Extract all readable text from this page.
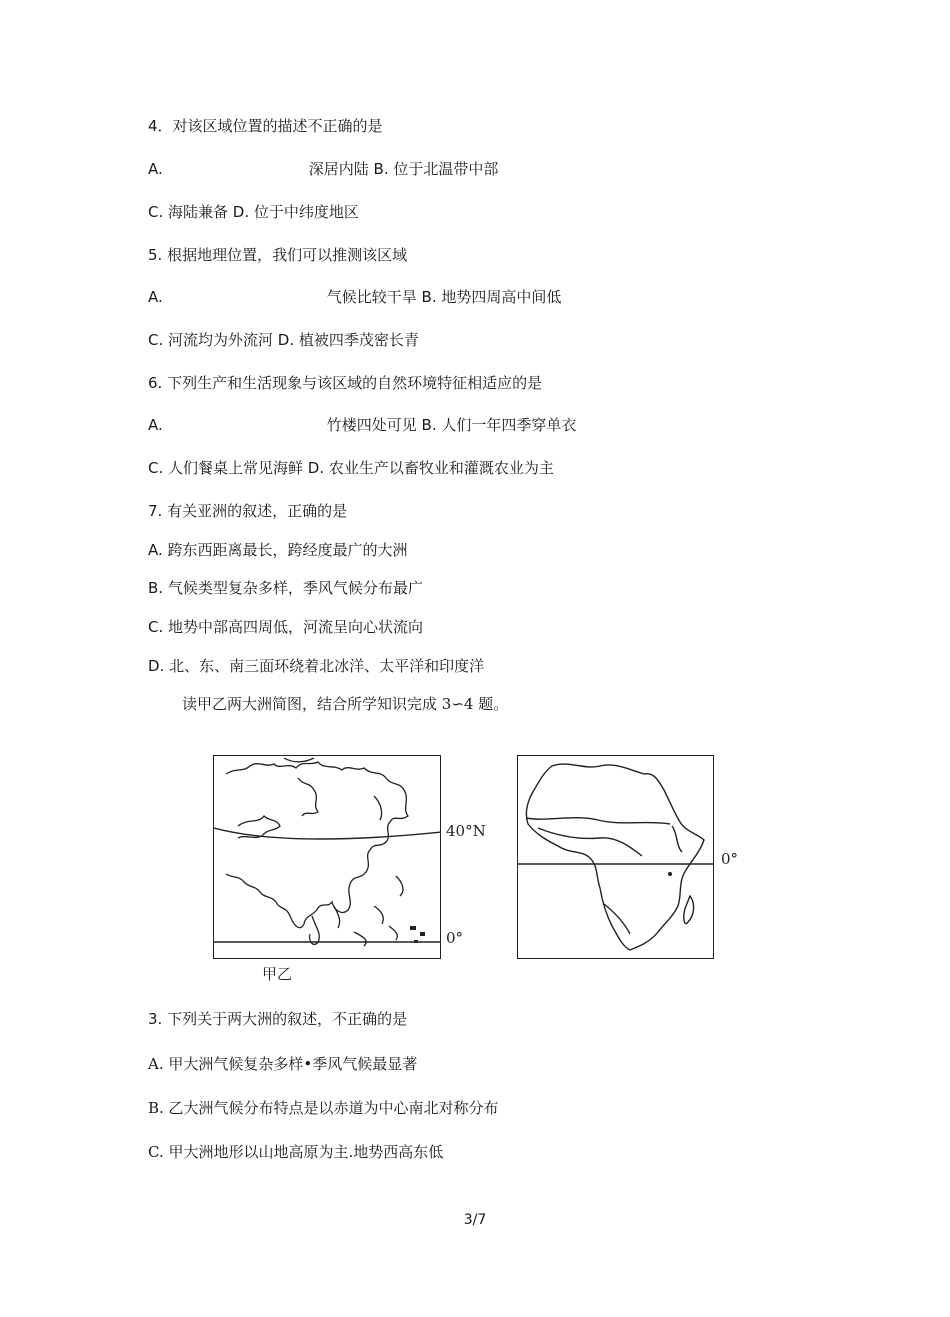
4．对该区域位置的描述不正确的是
A.	深居内陆 B. 位于北温带中部
C. 海陆兼备 D. 位于中纬度地区
5. 根据地理位置，我们可以推测该区域
A.	气候比较干旱 B. 地势四周高中间低
C. 河流均为外流河 D. 植被四季茂密长青
6. 下列生产和生活现象与该区域的自然环境特征相适应的是
A.	竹楼四处可见 B. 人们一年四季穿单衣
C. 人们餐桌上常见海鲜 D. 农业生产以畜牧业和灌溉农业为主
7. 有关亚洲的叙述，正确的是
A. 跨东西距离最长，跨经度最广的大洲
B. 气候类型复杂多样，季风气候分布最广
C. 地势中部高四周低，河流呈向心状流向
D. 北、东、南三面环绕着北冰洋、太平洋和印度洋
读甲乙两大洲简图，结合所学知识完成 3∽4 题。
40°N
0°
甲乙
0°
3. 下列关于两大洲的叙述，不正确的是
A. 甲大洲气候复杂多样•季风气候最显著
B. 乙大洲气候分布特点是以赤道为中心南北对称分布
C. 甲大洲地形以山地高原为主.地势西高东低
3/7
